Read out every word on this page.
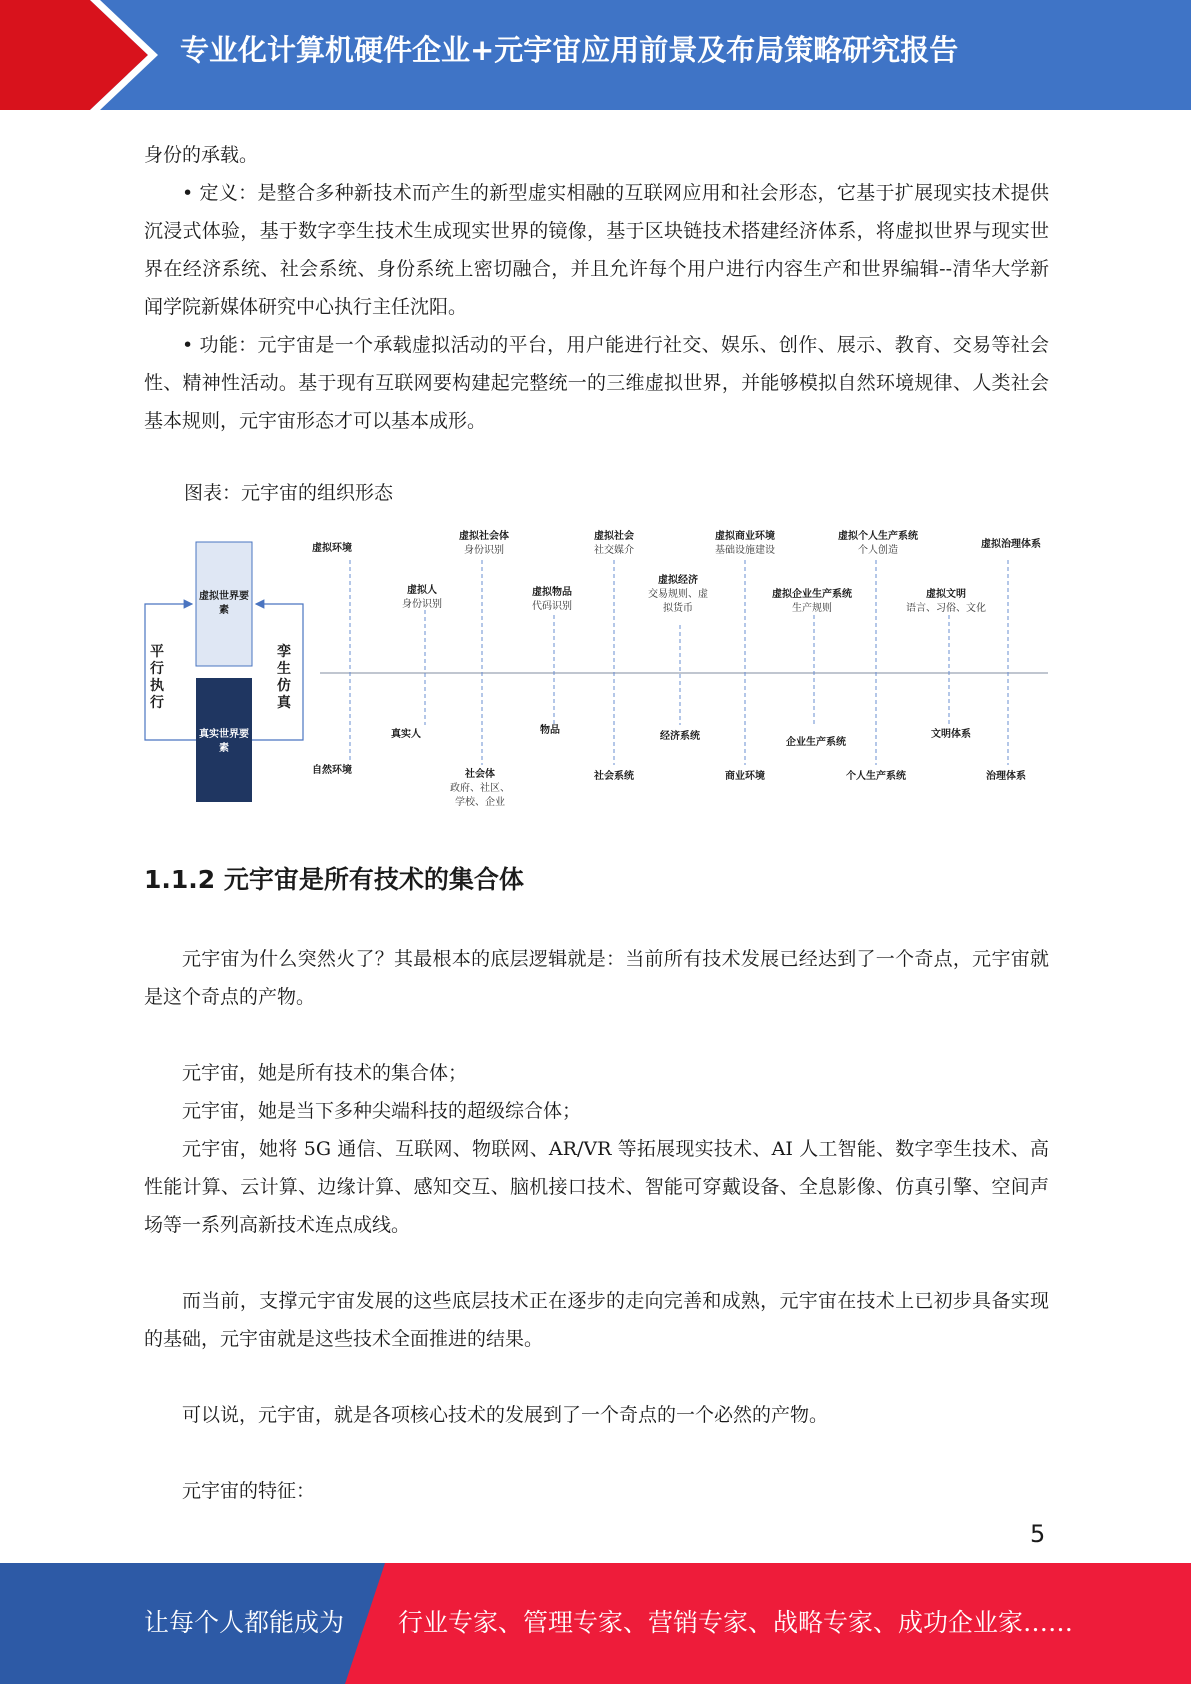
专业化计算机硬件企业+元宇宙应用前景及布局策略研究报告

身份的承载。

• 定义：是整合多种新技术而产生的新型虚实相融的互联网应用和社会形态，它基于扩展现实技术提供沉浸式体验，基于数字孪生技术生成现实世界的镜像，基于区块链技术搭建经济体系，将虚拟世界与现实世界在经济系统、社会系统、身份系统上密切融合，并且允许每个用户进行内容生产和世界编辑--清华大学新闻学院新媒体研究中心执行主任沈阳。

• 功能：元宇宙是一个承载虚拟活动的平台，用户能进行社交、娱乐、创作、展示、教育、交易等社会性、精神性活动。基于现有互联网要构建起完整统一的三维虚拟世界，并能够模拟自然环境规律、人类社会基本规则，元宇宙形态才可以基本成形。

图表：元宇宙的组织形态
虚拟世界要素
真实世界要素
平行执行
孪生仿真
虚拟环境
虚拟人
身份识别
虚拟社会体
身份识别
虚拟物品
代码识别
虚拟社会
社交媒介
虚拟经济
交易规则、虚拟货币
虚拟商业环境
基础设施建设
虚拟企业生产系统
生产规则
虚拟个人生产系统
个人创造
虚拟文明
语言、习俗、文化
虚拟治理体系
自然环境
真实人
社会体
政府、社区、学校、企业
物品
社会系统
经济系统
商业环境
企业生产系统
个人生产系统
文明体系
治理体系
1.1.2 元宇宙是所有技术的集合体

元宇宙为什么突然火了？其最根本的底层逻辑就是：当前所有技术发展已经达到了一个奇点，元宇宙就是这个奇点的产物。

元宇宙，她是所有技术的集合体；

元宇宙，她是当下多种尖端科技的超级综合体；

元宇宙，她将 5G 通信、互联网、物联网、AR/VR 等拓展现实技术、AI 人工智能、数字孪生技术、高性能计算、云计算、边缘计算、感知交互、脑机接口技术、智能可穿戴设备、全息影像、仿真引擎、空间声场等一系列高新技术连点成线。

而当前，支撑元宇宙发展的这些底层技术正在逐步的走向完善和成熟，元宇宙在技术上已初步具备实现的基础，元宇宙就是这些技术全面推进的结果。

可以说，元宇宙，就是各项核心技术的发展到了一个奇点的一个必然的产物。

元宇宙的特征：

5
让每个人都能成为 行业专家、管理专家、营销专家、战略专家、成功企业家……
